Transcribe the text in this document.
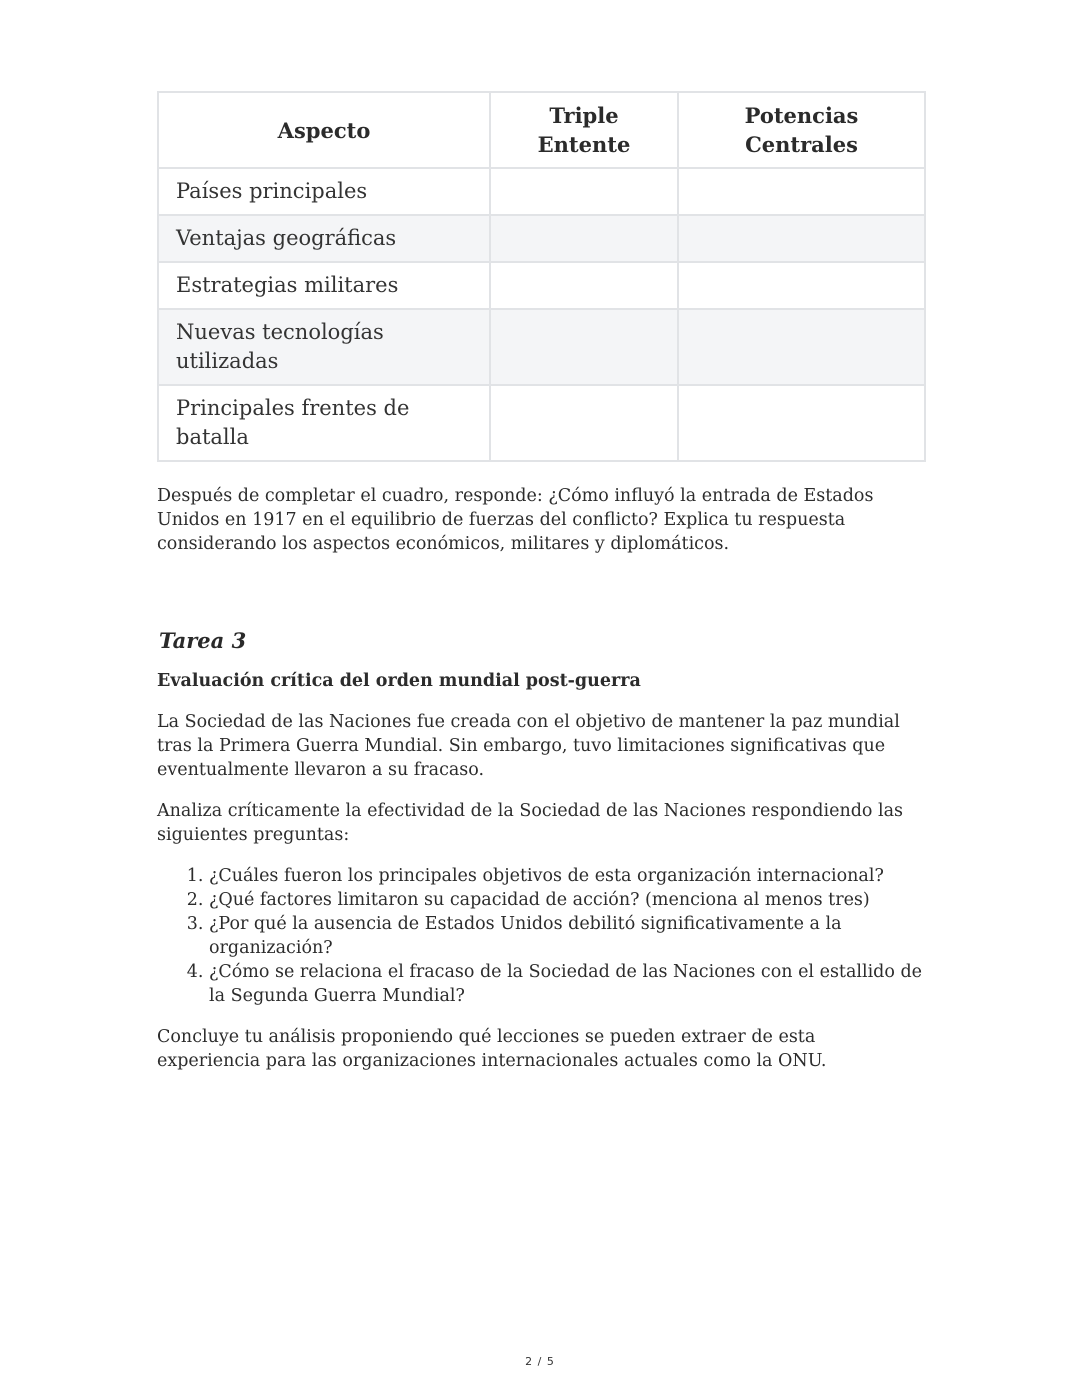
Aspecto	Triple Entente	Potencias Centrales
Países principales		
Ventajas geográficas		
Estrategias militares		
Nuevas tecnologías utilizadas		
Principales frentes de batalla		

Después de completar el cuadro, responde: ¿Cómo influyó la entrada de Estados Unidos en 1917 en el equilibrio de fuerzas del conflicto? Explica tu respuesta considerando los aspectos económicos, militares y diplomáticos.

Tarea 3

Evaluación crítica del orden mundial post-guerra

La Sociedad de las Naciones fue creada con el objetivo de mantener la paz mundial tras la Primera Guerra Mundial. Sin embargo, tuvo limitaciones significativas que eventualmente llevaron a su fracaso.

Analiza críticamente la efectividad de la Sociedad de las Naciones respondiendo las siguientes preguntas:

1. ¿Cuáles fueron los principales objetivos de esta organización internacional?
2. ¿Qué factores limitaron su capacidad de acción? (menciona al menos tres)
3. ¿Por qué la ausencia de Estados Unidos debilitó significativamente a la organización?
4. ¿Cómo se relaciona el fracaso de la Sociedad de las Naciones con el estallido de la Segunda Guerra Mundial?

Concluye tu análisis proponiendo qué lecciones se pueden extraer de esta experiencia para las organizaciones internacionales actuales como la ONU.

2 / 5
